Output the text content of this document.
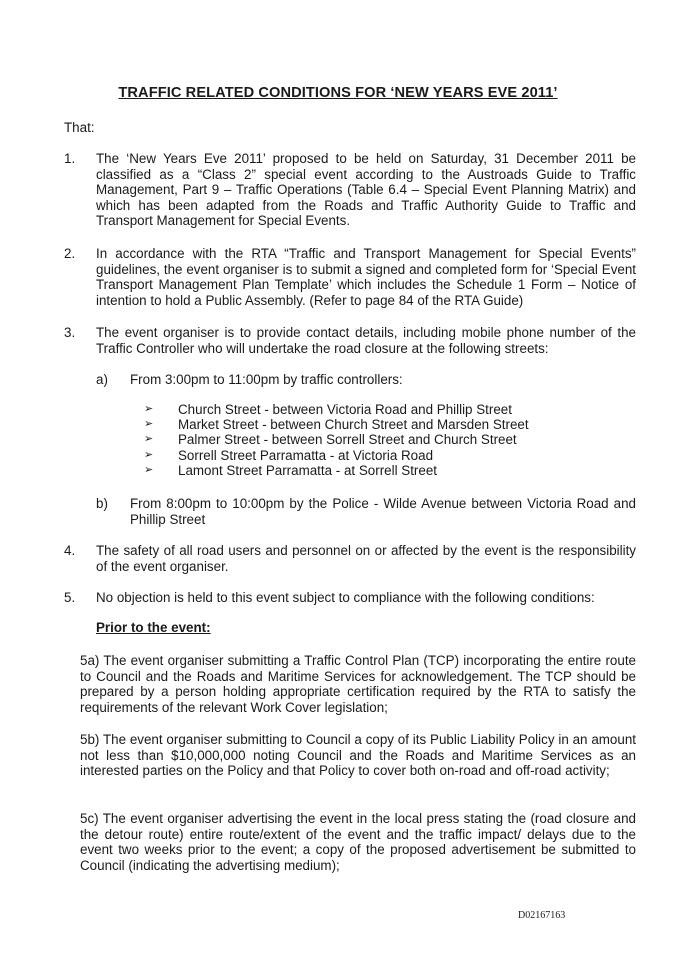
TRAFFIC RELATED CONDITIONS FOR ‘NEW YEARS EVE 2011’
That:
1. The ‘New Years Eve 2011’ proposed to be held on Saturday, 31 December 2011 be classified as a “Class 2” special event according to the Austroads Guide to Traffic Management, Part 9 – Traffic Operations (Table 6.4 – Special Event Planning Matrix) and which has been adapted from the Roads and Traffic Authority Guide to Traffic and Transport Management for Special Events.
2. In accordance with the RTA “Traffic and Transport Management for Special Events” guidelines, the event organiser is to submit a signed and completed form for ‘Special Event Transport Management Plan Template’ which includes the Schedule 1 Form – Notice of intention to hold a Public Assembly. (Refer to page 84 of the RTA Guide)
3. The event organiser is to provide contact details, including mobile phone number of the Traffic Controller who will undertake the road closure at the following streets:
a) From 3:00pm to 11:00pm by traffic controllers:
➢ Church Street - between Victoria Road and Phillip Street
➢ Market Street - between Church Street and Marsden Street
➢ Palmer Street - between Sorrell Street and Church Street
➢ Sorrell Street Parramatta - at Victoria Road
➢ Lamont Street Parramatta - at Sorrell Street
b) From 8:00pm to 10:00pm by the Police - Wilde Avenue between Victoria Road and Phillip Street
4. The safety of all road users and personnel on or affected by the event is the responsibility of the event organiser.
5. No objection is held to this event subject to compliance with the following conditions:
Prior to the event:
5a) The event organiser submitting a Traffic Control Plan (TCP) incorporating the entire route to Council and the Roads and Maritime Services for acknowledgement. The TCP should be prepared by a person holding appropriate certification required by the RTA to satisfy the requirements of the relevant Work Cover legislation;
5b) The event organiser submitting to Council a copy of its Public Liability Policy in an amount not less than $10,000,000 noting Council and the Roads and Maritime Services as an interested parties on the Policy and that Policy to cover both on-road and off-road activity;
5c) The event organiser advertising the event in the local press stating the (road closure and the detour route) entire route/extent of the event and the traffic impact/ delays due to the event two weeks prior to the event; a copy of the proposed advertisement be submitted to Council (indicating the advertising medium);
D02167163
